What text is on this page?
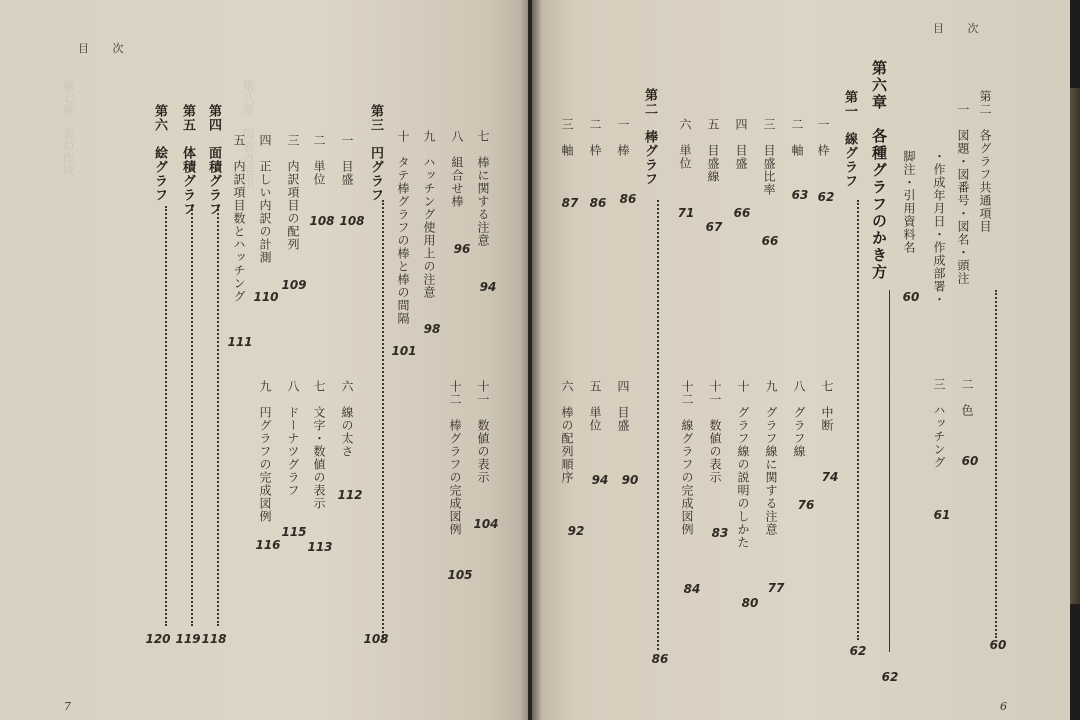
第七章　表の作成	第八章　図表の活用
目 次
目 次
7	6
第二　各グラフ共通項目
60
一　図題・図番号・図名・頭注
・作成年月日・作成部署・
脚注・引用資料名
60
二　色
60
三　ハッチング
61
第六章　各種グラフのかき方
62
第一　線グラフ
62
一　枠
62
二　軸
63
三　目盛比率
66
四　目盛
66
五　目盛線
67
六　単位
71
七　中断
74
八　グラフ線
76
九　グラフ線に関する注意
77
十　グラフ線の説明のしかた
80
十一　数値の表示
83
十二　線グラフの完成図例
84
第二　棒グラフ
86
一　棒
86
二　枠
86
三　軸
87
四　目盛
90
五　単位
94
六　棒の配列順序
92
七　棒に関する注意
94
八　組合せ棒
96
九　ハッチング使用上の注意
98
十　タテ棒グラフの棒と棒の間隔
101
十一　数値の表示
104
十二　棒グラフの完成図例
105
第三　円グラフ
108
一　目盛
108
二　単位
108
三　内訳項目の配列
109
四　正しい内訳の計測
110
五　内訳項目数とハッチング
111
六　線の太さ
112
七　文字・数値の表示
113
八　ドーナツグラフ
115
九　円グラフの完成図例
116
第四　面積グラフ
118
第五　体積グラフ
119
第六　絵グラフ
120
